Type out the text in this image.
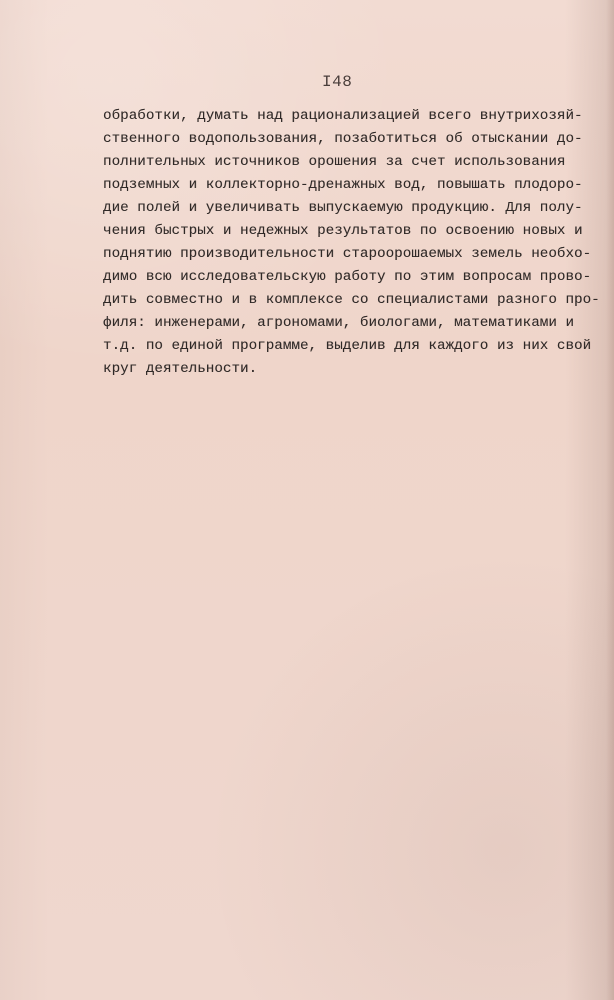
I48
обработки, думать над рационализацией всего внутрихозяй-
ственного водопользования, позаботиться об отыскании до-
полнительных источников орошения за счет использования
подземных и коллекторно-дренажных вод, повышать плодоро-
дие полей и увеличивать выпускаемую продукцию. Для полу-
чения быстрых и недежных результатов по освоению новых и
поднятию производительности староорошаемых земель необхо-
димо всю исследовательскую работу по этим вопросам прово-
дить совместно и в комплексе со специалистами разного про-
филя: инженерами, агрономами, биологами, математиками и
т.д. по единой программе, выделив для каждого из них свой
круг деятельности.
